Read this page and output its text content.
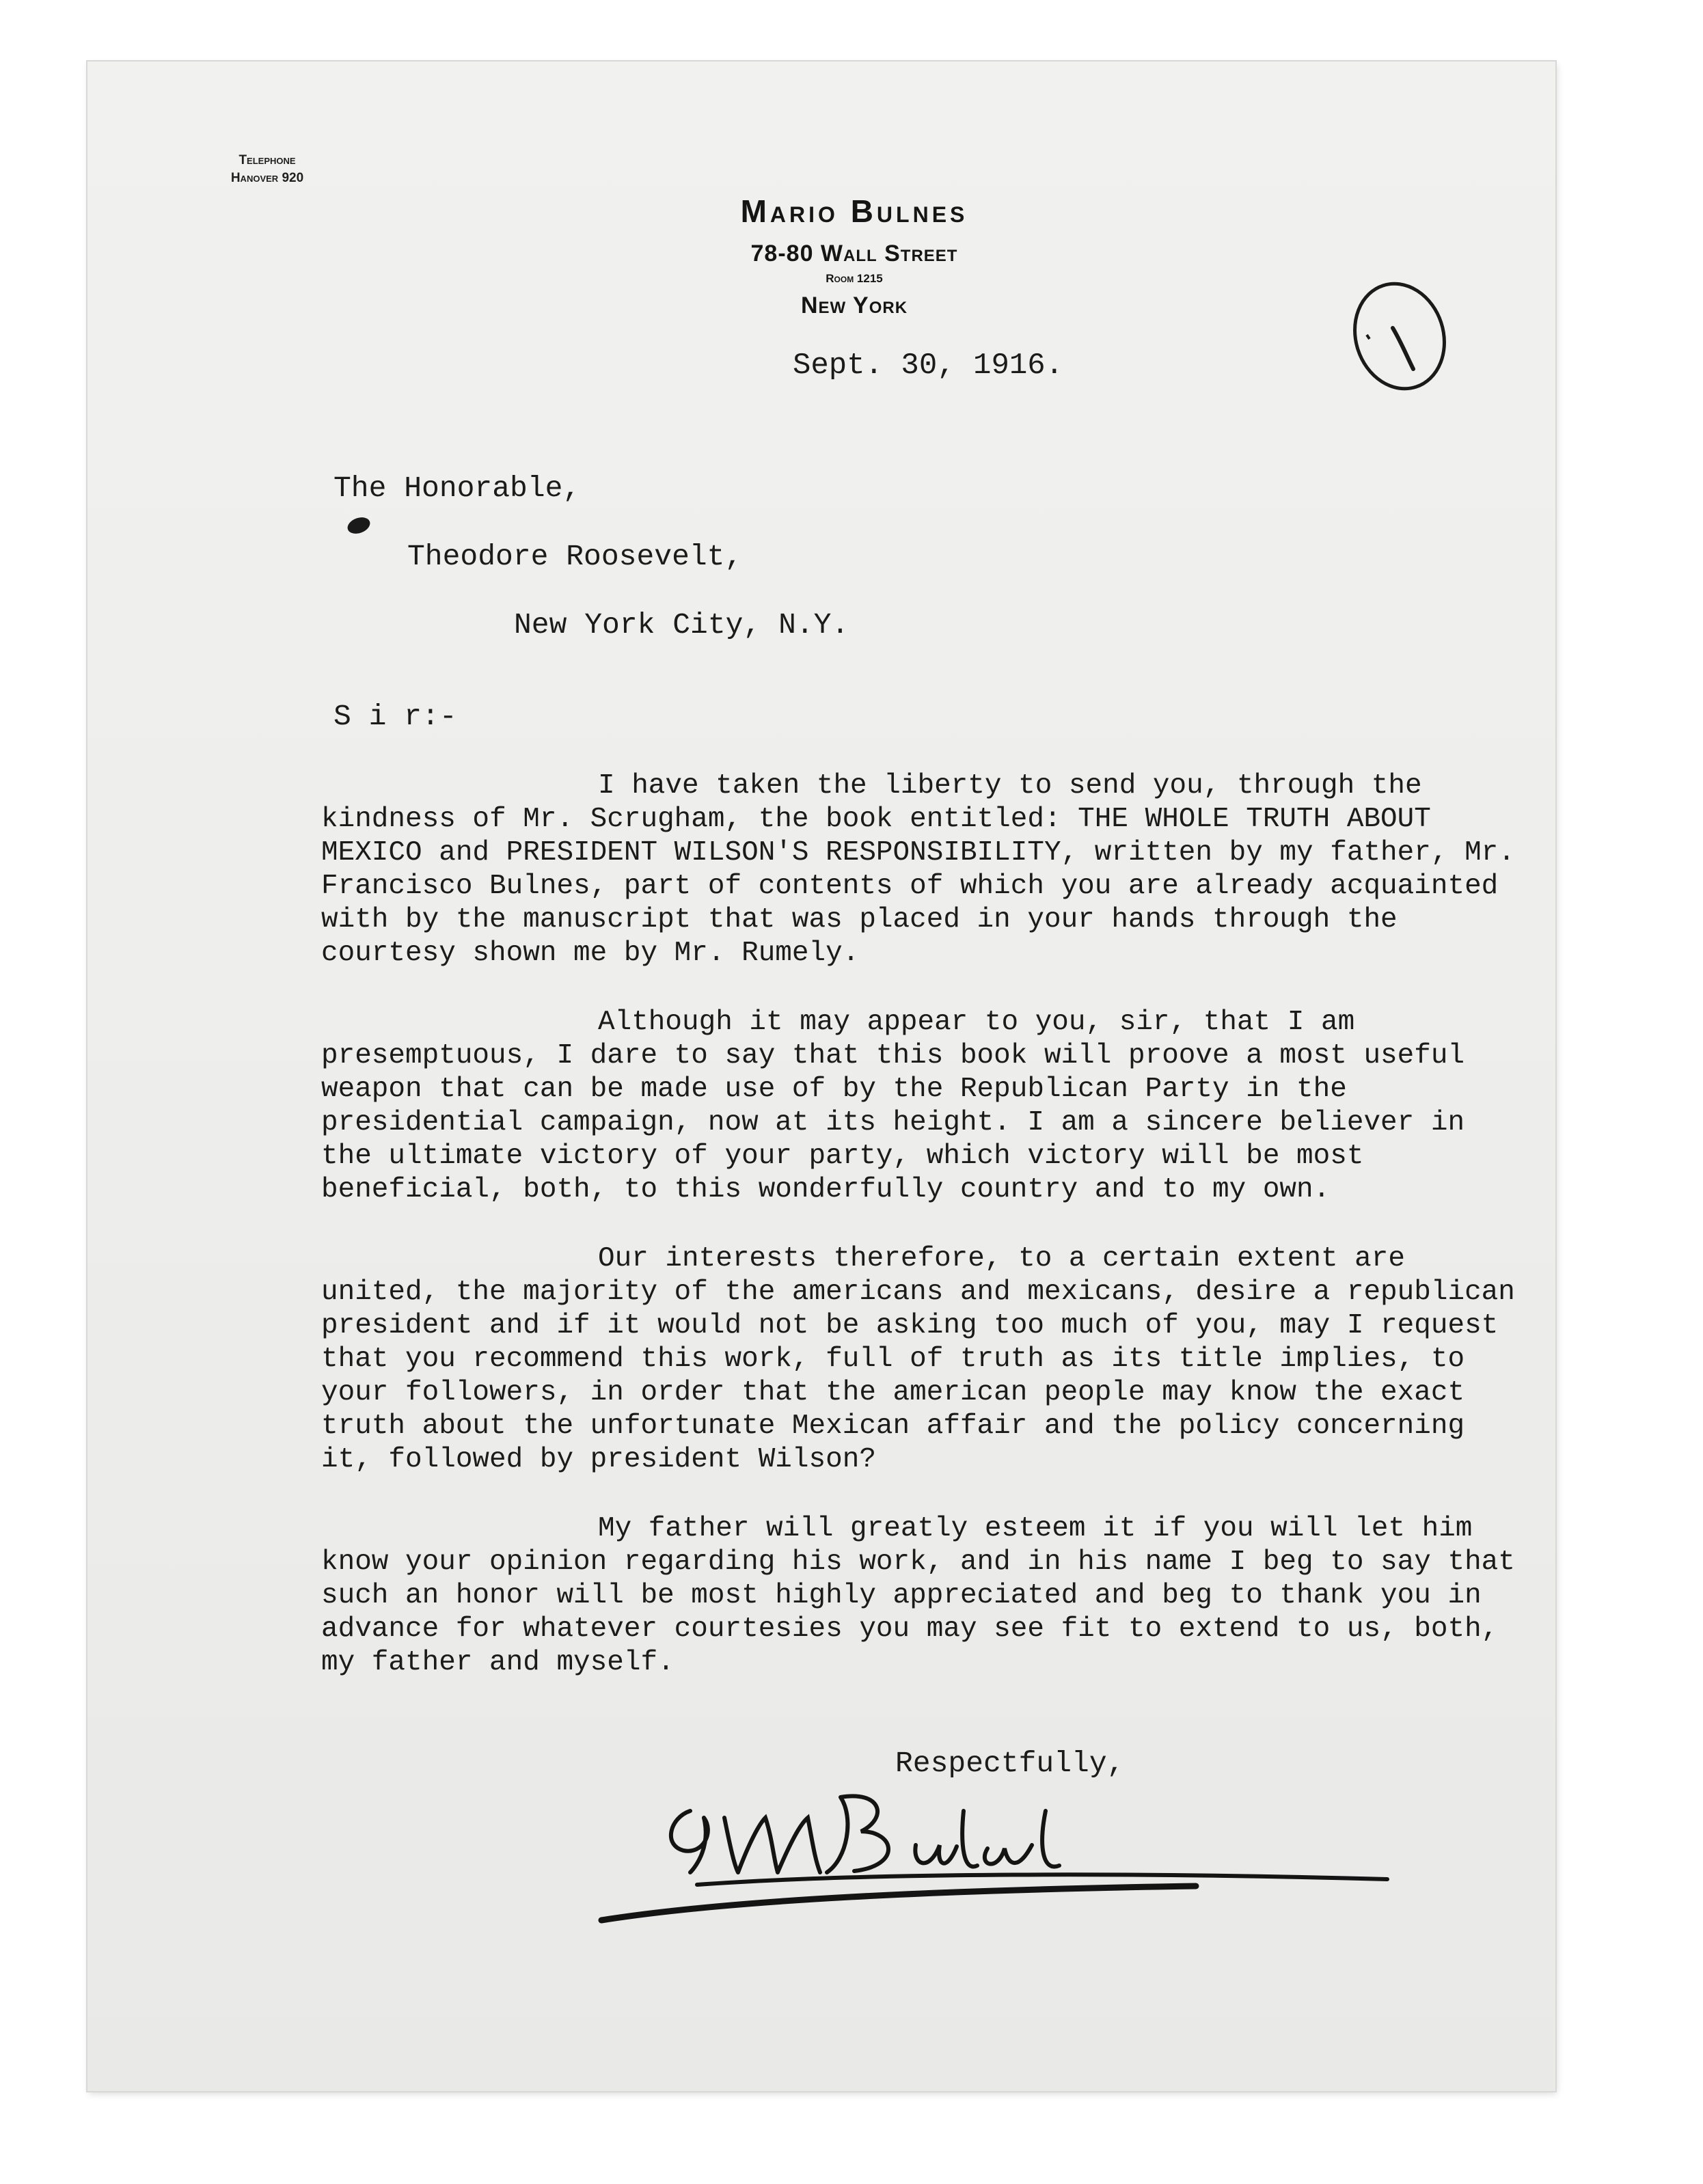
Telephone
Hanover 920
Mario Bulnes
78-80 Wall Street
Room 1215
New York
Sept. 30, 1916.
The Honorable,
Theodore Roosevelt,
New York City, N.Y.
S i r:-

I have taken the liberty to send you, through the kindness of Mr. Scrugham, the book entitled: THE WHOLE TRUTH ABOUT MEXICO and PRESIDENT WILSON'S RESPONSIBILITY, written by my father, Mr. Francisco Bulnes, part of contents of which you are already acquainted with by the manuscript that was placed in your hands through the courtesy shown me by Mr. Rumely.

Although it may appear to you, sir, that I am presemptuous, I dare to say that this book will proove a most useful weapon that can be made use of by the Republican Party in the presidential campaign, now at its height. I am a sincere believer in the ultimate victory of your party, which victory will be most beneficial, both, to this wonderfully country and to my own.

Our interests therefore, to a certain extent are united, the majority of the americans and mexicans, desire a republican president and if it would not be asking too much of you, may I request that you recommend this work, full of truth as its title implies, to your followers, in order that the american people may know the exact truth about the unfortunate Mexican affair and the policy concerning it, followed by president Wilson?

My father will greatly esteem it if you will let him know your opinion regarding his work, and in his name I beg to say that such an honor will be most highly appreciated and beg to thank you in advance for whatever courtesies you may see fit to extend to us, both, my father and myself.

Respectfully,
